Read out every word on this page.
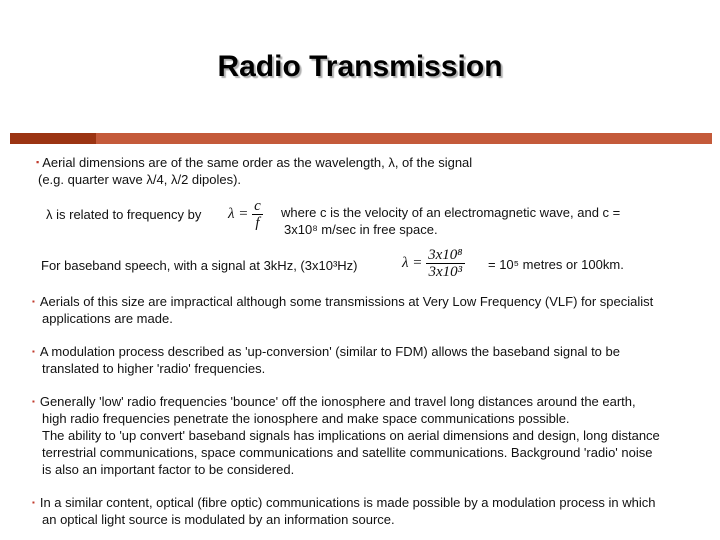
Radio Transmission
▪ Aerial dimensions are of the same order as the wavelength, λ, of the signal
(e.g. quarter wave λ/4, λ/2 dipoles).
λ is related to frequency by $\lambda = \frac{c}{f}$ where c is the velocity of an electromagnetic wave, and c =
3x10⁸ m/sec in free space.
For baseband speech, with a signal at 3kHz, (3x10³Hz)	$\lambda = \frac{\text{3x10⁸}}{\text{3x10³}} = 10^5$ metres or 100km.
▪ Aerials of this size are impractical although some transmissions at Very Low Frequency (VLF) for specialist
applications are made.
▪ A modulation process described as 'up-conversion' (similar to FDM) allows the baseband signal to be
translated to higher 'radio' frequencies.
▪ Generally 'low' radio frequencies 'bounce' off the ionosphere and travel long distances around the earth,
high radio frequencies penetrate the ionosphere and make space communications possible.
The ability to 'up convert' baseband signals has implications on aerial dimensions and design, long distance
terrestrial communications, space communications and satellite communications. Background 'radio' noise
is also an important factor to be considered.
▪ In a similar content, optical (fibre optic) communications is made possible by a modulation process in which
an optical light source is modulated by an information source.
